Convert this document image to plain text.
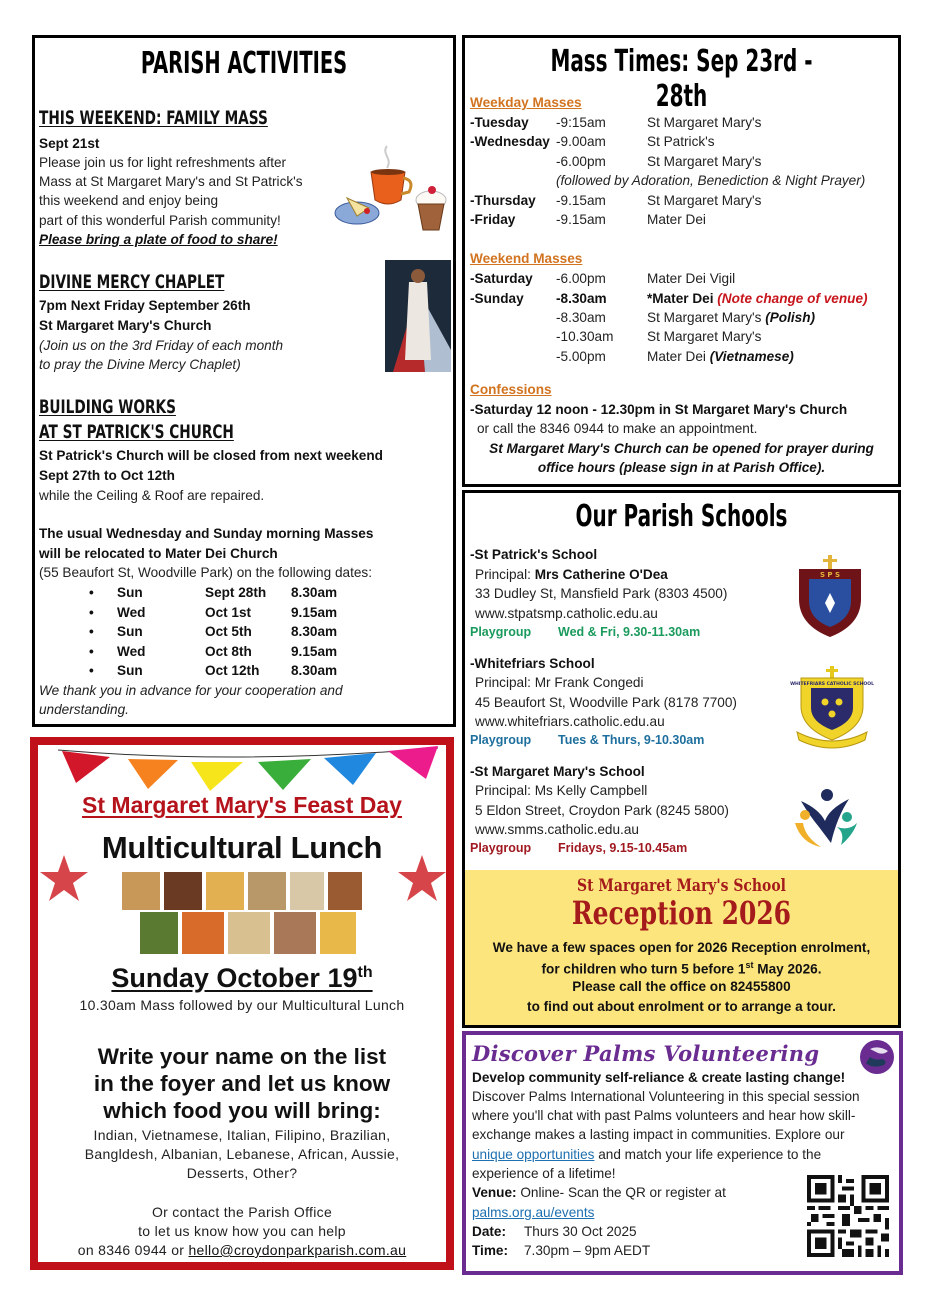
PARISH ACTIVITIES
THIS WEEKEND: FAMILY MASS
Sept 21st
Please join us for light refreshments after
Mass at St Margaret Mary's and St Patrick's
this weekend and enjoy being
part of this wonderful Parish community!
Please bring a plate of food to share!
DIVINE MERCY CHAPLET
7pm Next Friday September 26th
St Margaret Mary's Church
(Join us on the 3rd Friday of each month
to pray the Divine Mercy Chaplet)
BUILDING WORKS
AT ST PATRICK'S CHURCH
St Patrick's Church will be closed from next weekend
Sept 27th to Oct 12th
while the Ceiling & Roof are repaired.
The usual Wednesday and Sunday morning Masses
will be relocated to Mater Dei Church
(55 Beaufort St, Woodville Park) on the following dates:
•	Sun	Sept 28th	8.30am
•	Wed	Oct 1st	9.15am
•	Sun	Oct 5th	8.30am
•	Wed	Oct 8th	9.15am
•	Sun	Oct 12th	8.30am
We thank you in advance for your cooperation and
understanding.
Mass Times: Sep 23rd - 28th
Weekday Masses
-Tuesday -9:15am	St Margaret Mary's
-Wednesday -9.00am	St Patrick's
-6.00pm	St Margaret Mary's
(followed by Adoration, Benediction & Night Prayer)
-Thursday -9.15am	St Margaret Mary's
-Friday	-9.15am	Mater Dei
Weekend Masses
-Saturday -6.00pm	Mater Dei Vigil
-Sunday -8.30am	*Mater Dei (Note change of venue)
-8.30am	St Margaret Mary's (Polish)
-10.30am St Margaret Mary's
-5.00pm	Mater Dei (Vietnamese)
Confessions
-Saturday 12 noon - 12.30pm in St Margaret Mary's Church
or call the 8346 0944 to make an appointment.
St Margaret Mary's Church can be opened for prayer during
office hours (please sign in at Parish Office).
Our Parish Schools
-St Patrick's School
Principal: Mrs Catherine O'Dea
33 Dudley St, Mansfield Park (8303 4500)
www.stpatsmp.catholic.edu.au
Playgroup Wed & Fri, 9.30-11.30am
S P S
-Whitefriars School
Principal: Mr Frank Congedi
45 Beaufort St, Woodville Park (8178 7700)
www.whitefriars.catholic.edu.au
Playgroup Tues & Thurs, 9-10.30am
WHITEFRIARS CATHOLIC SCHOOL
-St Margaret Mary's School
Principal: Ms Kelly Campbell
5 Eldon Street, Croydon Park (8245 5800)
www.smms.catholic.edu.au
Playgroup Fridays, 9.15-10.45am
St Margaret Mary's School
Reception 2026
We have a few spaces open for 2026 Reception enrolment,
for children who turn 5 before 1st May 2026.
Please call the office on 82455800
to find out about enrolment or to arrange a tour.
St Margaret Mary's Feast Day
Multicultural Lunch
Sunday October 19th
10.30am Mass followed by our Multicultural Lunch
Write your name on the list
in the foyer and let us know
which food you will bring:
Indian, Vietnamese, Italian, Filipino, Brazilian,
Bangldesh, Albanian, Lebanese, African, Aussie,
Desserts, Other?
Or contact the Parish Office
to let us know how you can help
on 8346 0944 or hello@croydonparkparish.com.au
Discover Palms Volunteering
Develop community self-reliance & create lasting change!
Discover Palms International Volunteering in this special session
where you'll chat with past Palms volunteers and hear how skill-
exchange makes a lasting impact in communities. Explore our
unique opportunities and match your life experience to the
experience of a lifetime!
Venue: Online- Scan the QR or register at
palms.org.au/events
Date: Thurs 30 Oct 2025
Time: 7.30pm – 9pm AEDT
